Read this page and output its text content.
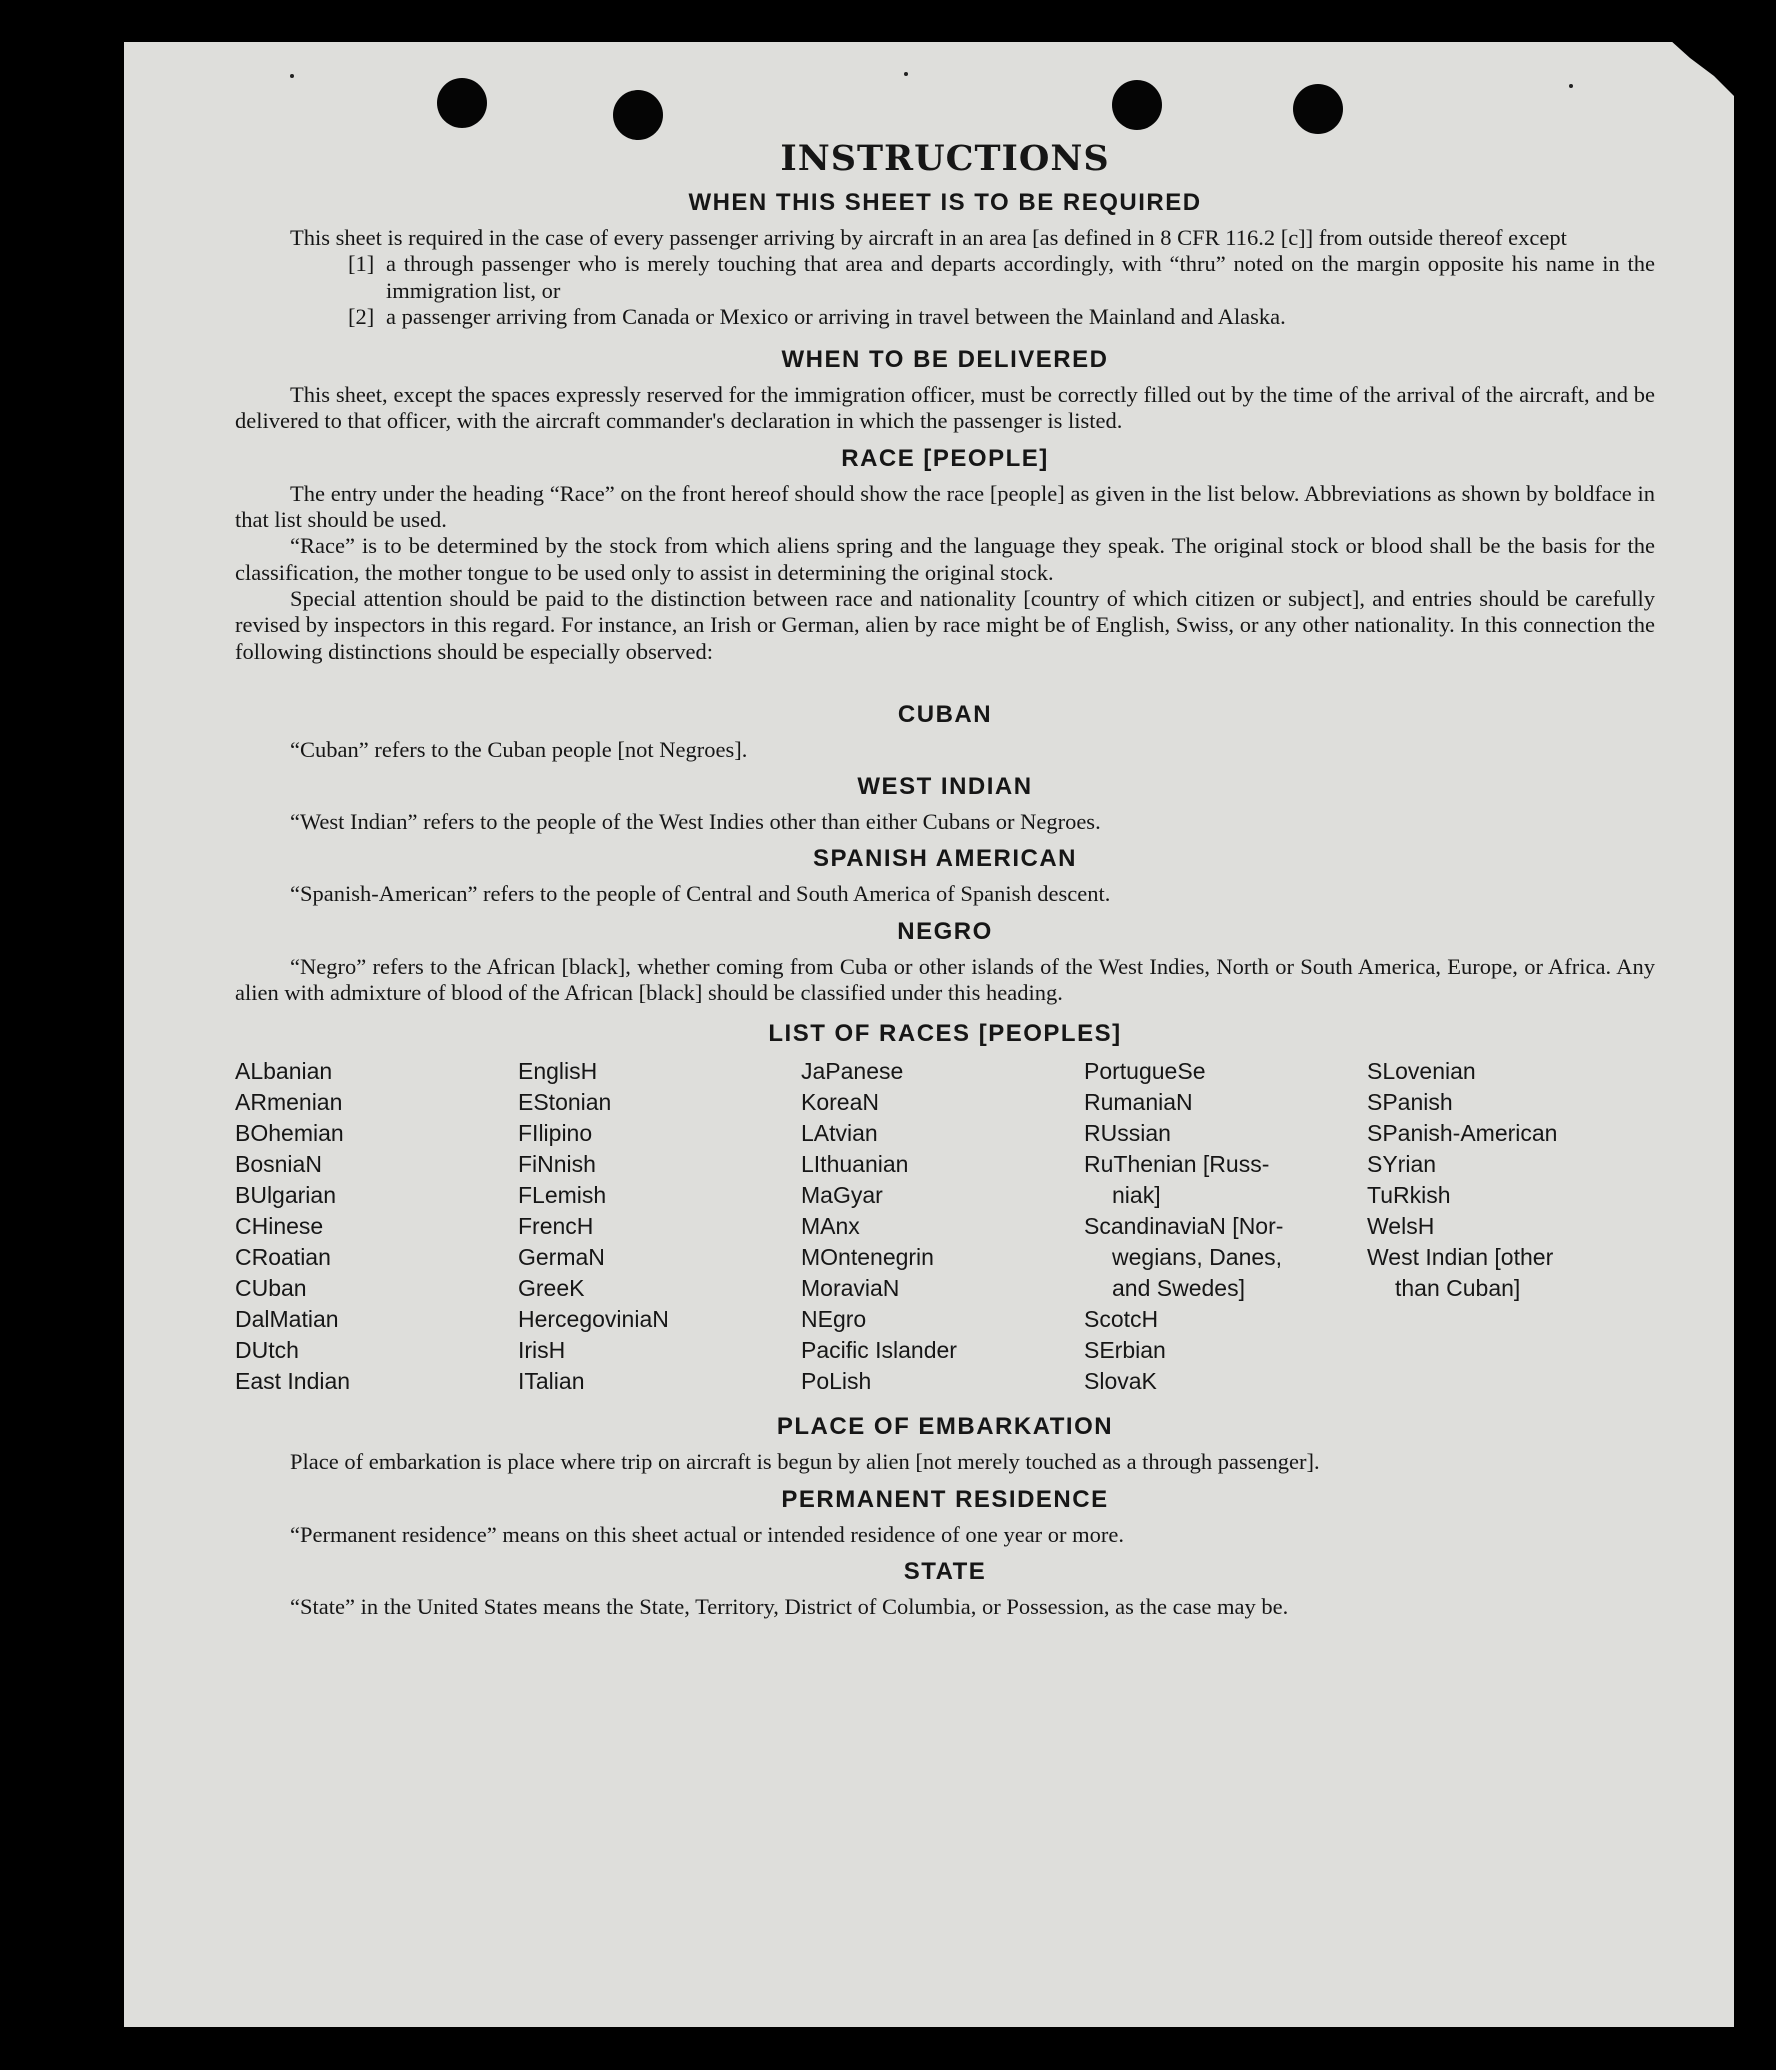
INSTRUCTIONS
WHEN THIS SHEET IS TO BE REQUIRED

This sheet is required in the case of every passenger arriving by aircraft in an area [as defined in 8 CFR 116.2 [c]] from outside thereof except

[1] a through passenger who is merely touching that area and departs accordingly, with “thru” noted on the margin opposite his name in the immigration list, or
[2] a passenger arriving from Canada or Mexico or arriving in travel between the Mainland and Alaska.
WHEN TO BE DELIVERED

This sheet, except the spaces expressly reserved for the immigration officer, must be correctly filled out by the time of the arrival of the aircraft, and be delivered to that officer, with the aircraft commander's declaration in which the passenger is listed.

RACE [PEOPLE]

The entry under the heading “Race” on the front hereof should show the race [people] as given in the list below. Abbreviations as shown by boldface in that list should be used.

“Race” is to be determined by the stock from which aliens spring and the language they speak. The original stock or blood shall be the basis for the classification, the mother tongue to be used only to assist in determining the original stock.

Special attention should be paid to the distinction between race and nationality [country of which citizen or subject], and entries should be carefully revised by inspectors in this regard. For instance, an Irish or German, alien by race might be of English, Swiss, or any other nationality. In this connection the following distinctions should be especially observed:

CUBAN

“Cuban” refers to the Cuban people [not Negroes].

WEST INDIAN

“West Indian” refers to the people of the West Indies other than either Cubans or Negroes.

SPANISH AMERICAN

“Spanish-American” refers to the people of Central and South America of Spanish descent.

NEGRO

“Negro” refers to the African [black], whether coming from Cuba or other islands of the West Indies, North or South America, Europe, or Africa. Any alien with admixture of blood of the African [black] should be classified under this heading.

LIST OF RACES [PEOPLES]
ALbanian
ARmenian
BOhemian
BosniaN
BUlgarian
CHinese
CRoatian
CUban
DalMatian
DUtch
East Indian
EnglisH
EStonian
FIlipino
FiNnish
FLemish
FrencH
GermaN
GreeK
HercegoviniaN
IrisH
ITalian
JaPanese
KoreaN
LAtvian
LIthuanian
MaGyar
MAnx
MOntenegrin
MoraviaN
NEgro
Pacific Islander
PoLish
PortugueSe
RumaniaN
RUssian
RuThenian [Russ-
niak]
ScandinaviaN [Nor-
wegians, Danes,
and Swedes]
ScotcH
SErbian
SlovaK
SLovenian
SPanish
SPanish-American
SYrian
TuRkish
WelsH
West Indian [other
than Cuban]
PLACE OF EMBARKATION

Place of embarkation is place where trip on aircraft is begun by alien [not merely touched as a through passenger].

PERMANENT RESIDENCE

“Permanent residence” means on this sheet actual or intended residence of one year or more.

STATE

“State” in the United States means the State, Territory, District of Columbia, or Possession, as the case may be.
